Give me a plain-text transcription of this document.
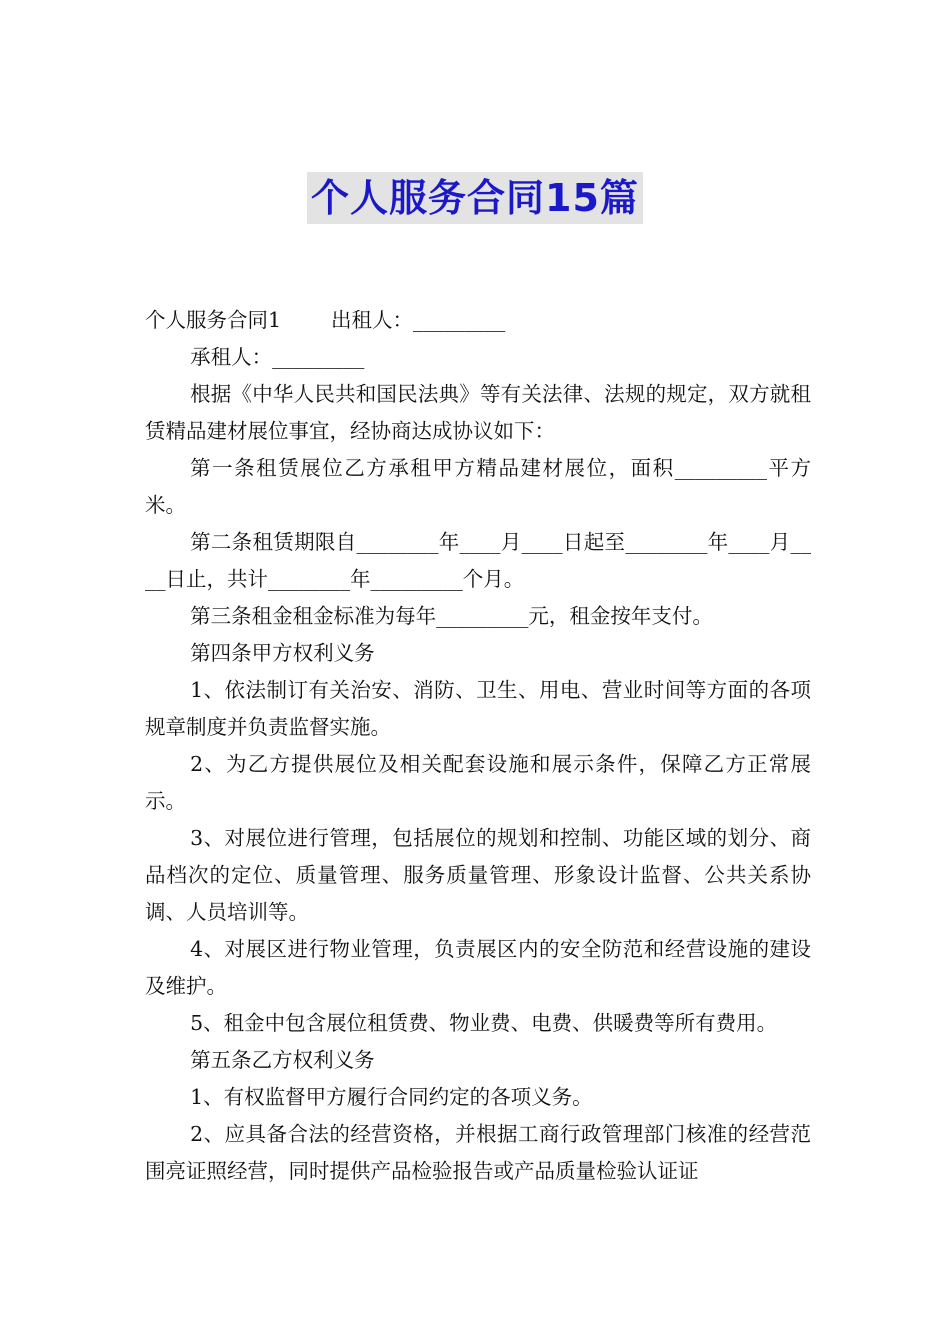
个人服务合同15篇

个人服务合同1 出租人：_________

承租人：_________

根据《中华人民共和国民法典》等有关法律、法规的规定，双方就租赁精品建材展位事宜，经协商达成协议如下：

第一条租赁展位乙方承租甲方精品建材展位，面积_________平方米。

第二条租赁期限自________年____月____日起至________年____月____日止，共计________年_________个月。

第三条租金租金标准为每年_________元，租金按年支付。

第四条甲方权利义务

1、依法制订有关治安、消防、卫生、用电、营业时间等方面的各项规章制度并负责监督实施。

2、为乙方提供展位及相关配套设施和展示条件，保障乙方正常展示。

3、对展位进行管理，包括展位的规划和控制、功能区域的划分、商品档次的定位、质量管理、服务质量管理、形象设计监督、公共关系协调、人员培训等。

4、对展区进行物业管理，负责展区内的安全防范和经营设施的建设及维护。

5、租金中包含展位租赁费、物业费、电费、供暖费等所有费用。

第五条乙方权利义务

1、有权监督甲方履行合同约定的各项义务。

2、应具备合法的经营资格，并根据工商行政管理部门核准的经营范围亮证照经营，同时提供产品检验报告或产品质量检验认证证
